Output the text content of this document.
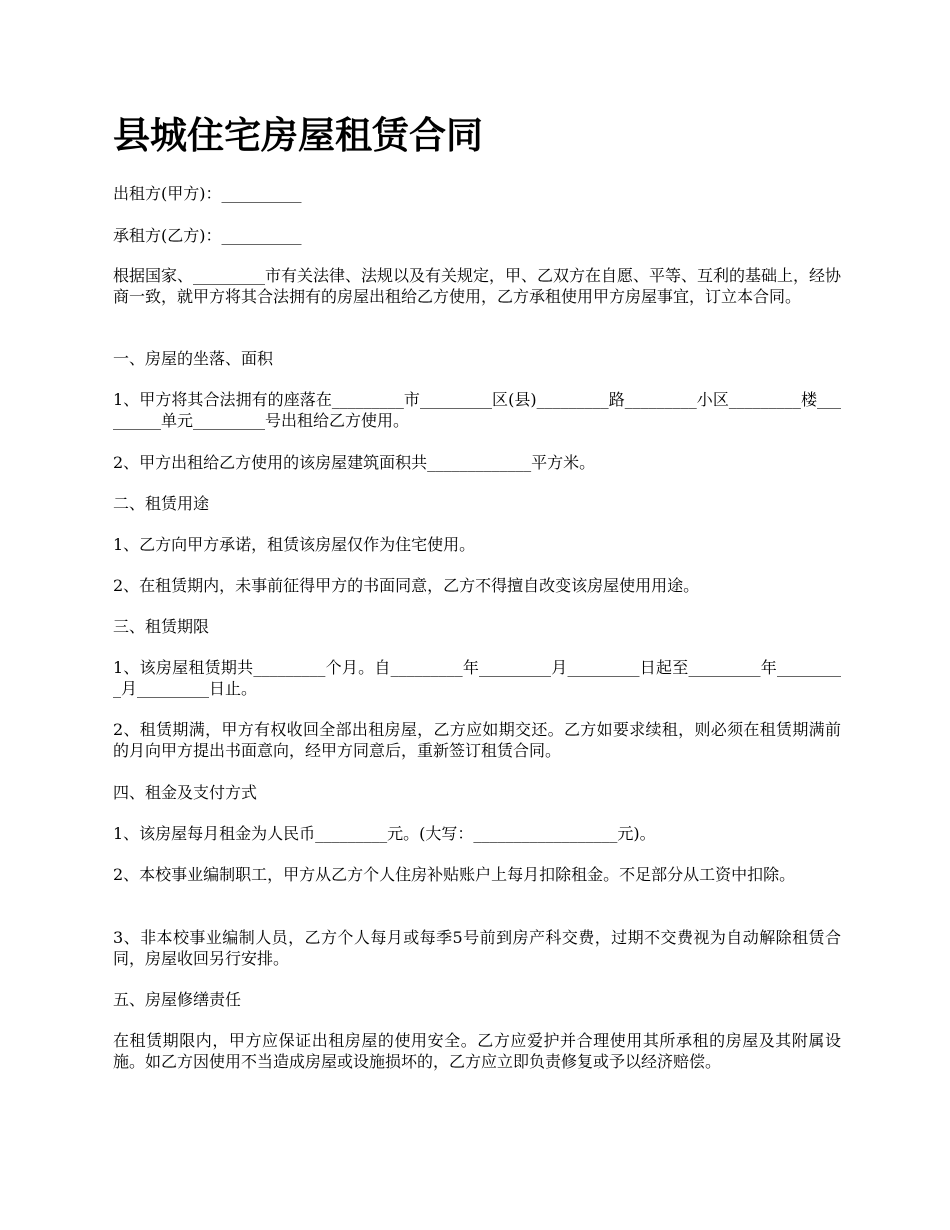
县城住宅房屋租赁合同

出租方(甲方)：__________

承租方(乙方)：__________

根据国家、_________市有关法律、法规以及有关规定，甲、乙双方在自愿、平等、互利的基础上，经协商一致，就甲方将其合法拥有的房屋出租给乙方使用，乙方承租使用甲方房屋事宜，订立本合同。

一、房屋的坐落、面积

1、甲方将其合法拥有的座落在_________市_________区(县)_________路_________小区_________楼_________单元_________号出租给乙方使用。

2、甲方出租给乙方使用的该房屋建筑面积共_____________平方米。

二、租赁用途

1、乙方向甲方承诺，租赁该房屋仅作为住宅使用。

2、在租赁期内，未事前征得甲方的书面同意，乙方不得擅自改变该房屋使用用途。

三、租赁期限

1、该房屋租赁期共_________个月。自_________年_________月_________日起至_________年_________月_________日止。

2、租赁期满，甲方有权收回全部出租房屋，乙方应如期交还。乙方如要求续租，则必须在租赁期满前的月向甲方提出书面意向，经甲方同意后，重新签订租赁合同。

四、租金及支付方式

1、该房屋每月租金为人民币_________元。(大写：__________________元)。

2、本校事业编制职工，甲方从乙方个人住房补贴账户上每月扣除租金。不足部分从工资中扣除。

3、非本校事业编制人员，乙方个人每月或每季5号前到房产科交费，过期不交费视为自动解除租赁合同，房屋收回另行安排。

五、房屋修缮责任

在租赁期限内，甲方应保证出租房屋的使用安全。乙方应爱护并合理使用其所承租的房屋及其附属设施。如乙方因使用不当造成房屋或设施损坏的，乙方应立即负责修复或予以经济赔偿。
